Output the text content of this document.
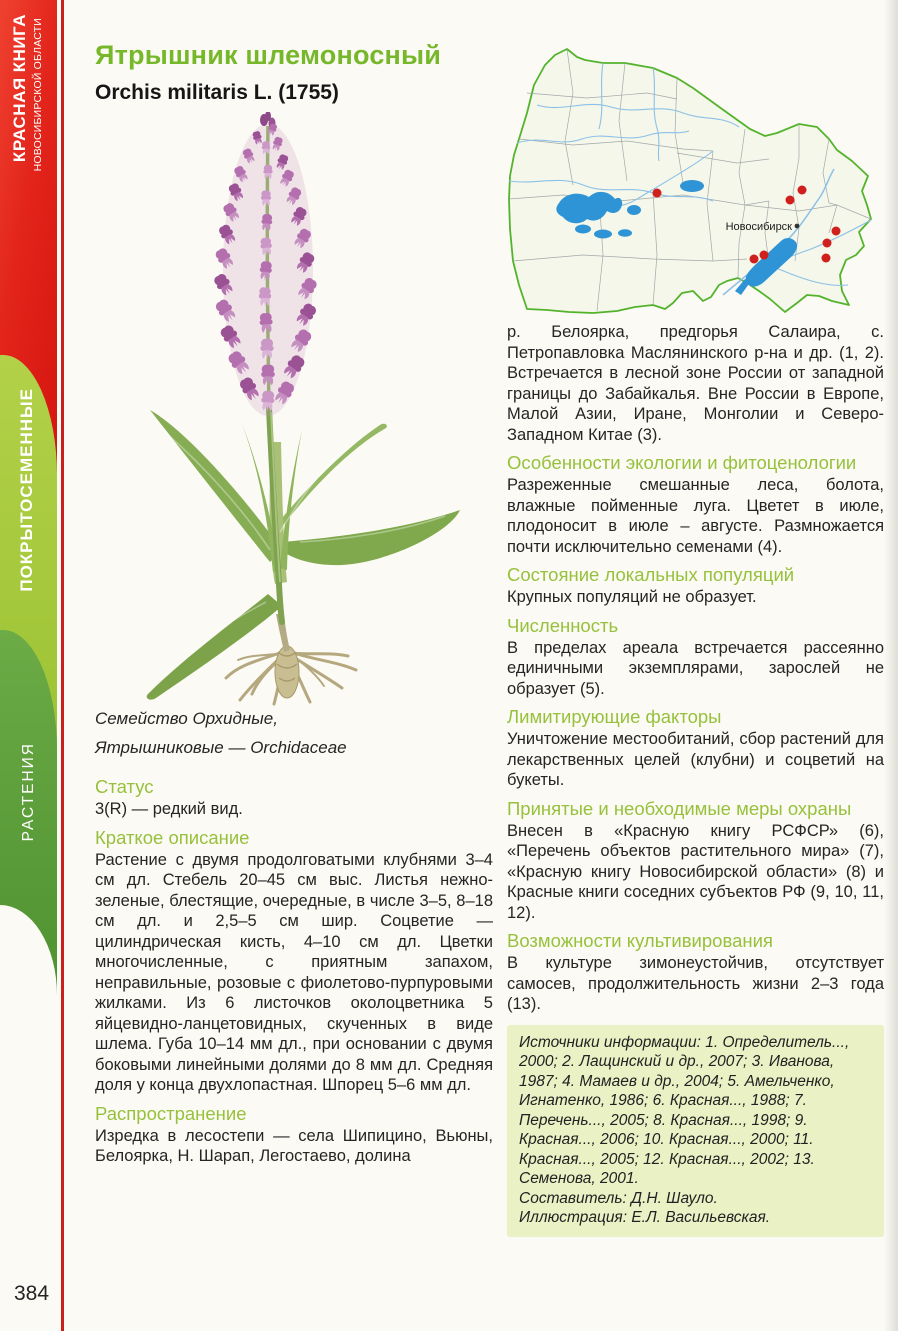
КРАСНАЯ КНИГА НОВОСИБИРСКОЙ ОБЛАСТИ
ПОКРЫТОСЕМЕННЫЕ
РАСТЕНИЯ
384
Ятрышник шлемоносный
Orchis militaris L. (1755)
Новосибирск

Семейство Орхидные,
Ятрышниковые — Orchidaceae

Статус

3(R) — редкий вид.

Краткое описание

Растение с двумя продолговатыми клубнями 3–4 см дл. Стебель 20–45 см выс. Листья нежно-зеленые, блестящие, очередные, в числе 3–5, 8–18 см дл. и 2,5–5 см шир. Соцветие — цилиндрическая кисть, 4–10 см дл. Цветки многочисленные, с приятным запахом, неправильные, розовые с фиолетово-пурпуровыми жилками. Из 6 листочков околоцветника 5 яйцевидно-ланцетовидных, скученных в виде шлема. Губа 10–14 мм дл., при основании с двумя боковыми линейными долями до 8 мм дл. Средняя доля у конца двухлопастная. Шпорец 5–6 мм дл.

Распространение

Изредка в лесостепи — села Шипицино, Вьюны, Белоярка, Н. Шарап, Легостаево, долина

р. Белоярка, предгорья Салаира, с. Петропавловка Маслянинского р-на и др. (1, 2). Встречается в лесной зоне России от западной границы до Забайкалья. Вне России в Европе, Малой Азии, Иране, Монголии и Северо-Западном Китае (3).

Особенности экологии и фитоценологии

Разреженные смешанные леса, болота, влажные пойменные луга. Цветет в июле, плодоносит в июле – августе. Размножается почти исключительно семенами (4).

Состояние локальных популяций

Крупных популяций не образует.

Численность

В пределах ареала встречается рассеянно единичными экземплярами, зарослей не образует (5).

Лимитирующие факторы

Уничтожение местообитаний, сбор растений для лекарственных целей (клубни) и соцветий на букеты.

Принятые и необходимые меры охраны

Внесен в «Красную книгу РСФСР» (6), «Перечень объектов растительного мира» (7), «Красную книгу Новосибирской области» (8) и Красные книги соседних субъектов РФ (9, 10, 11, 12).

Возможности культивирования

В культуре зимонеустойчив, отсутствует самосев, продолжительность жизни 2–3 года (13).

Источники информации: 1. Определитель..., 2000; 2. Лащинский и др., 2007; 3. Иванова, 1987; 4. Мамаев и др., 2004; 5. Амельченко, Игнатенко, 1986; 6. Красная..., 1988; 7. Перечень..., 2005; 8. Красная..., 1998; 9. Красная..., 2006; 10. Красная..., 2000; 11. Красная..., 2005; 12. Красная..., 2002; 13. Семенова, 2001.

Составитель: Д.Н. Шауло.

Иллюстрация: Е.Л. Васильевская.
